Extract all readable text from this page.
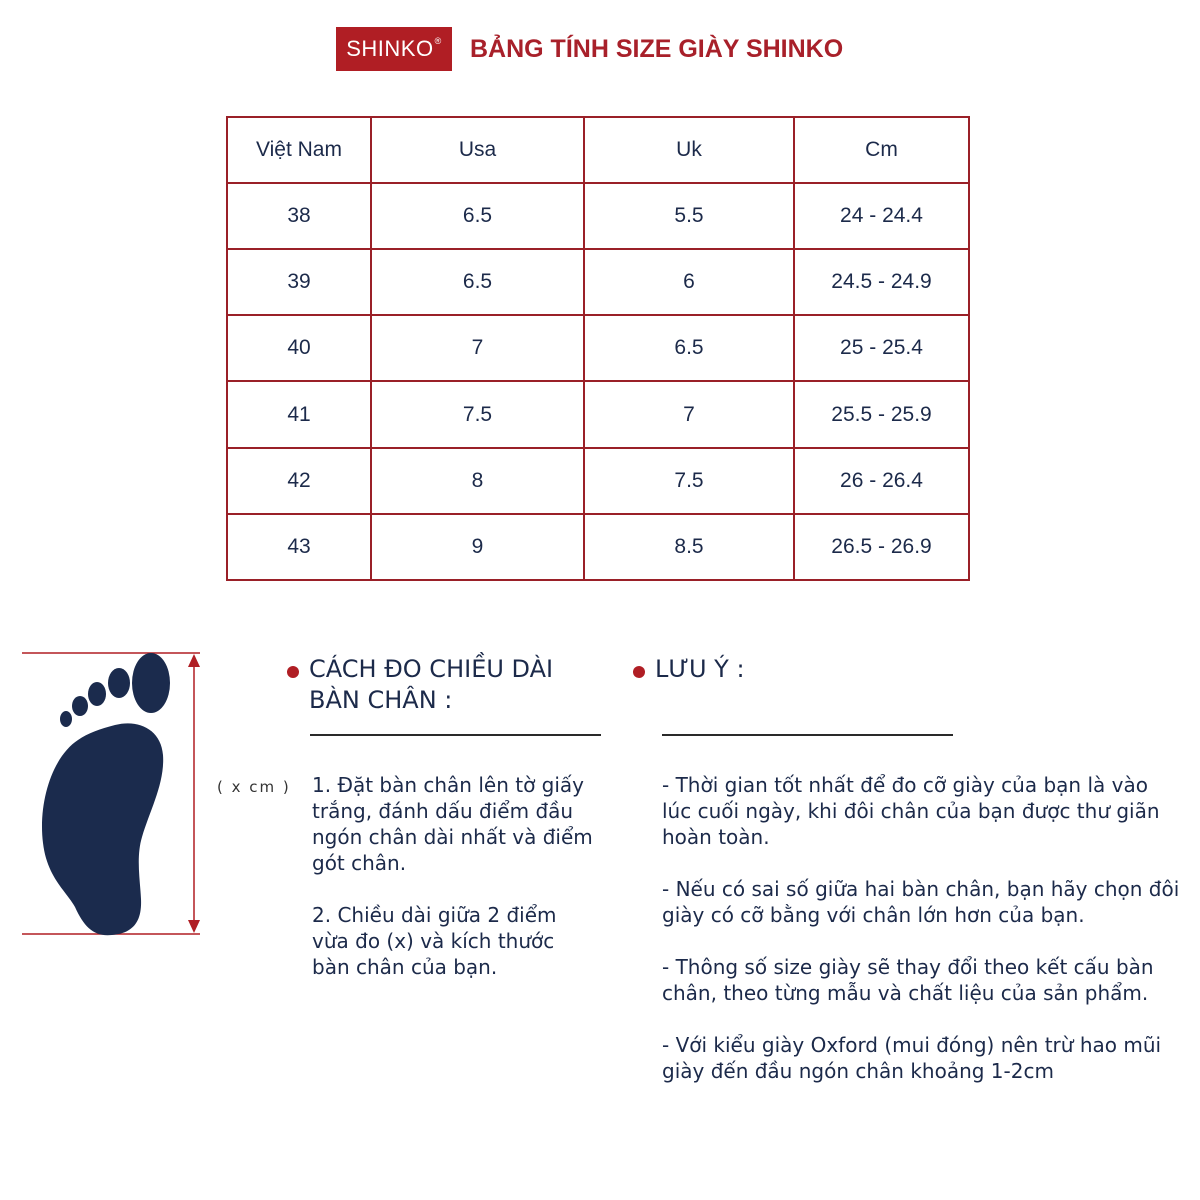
SHINKO ® BẢNG TÍNH SIZE GIÀY SHINKO
Việt Nam	Usa	Uk	Cm
38	6.5	5.5	24 - 24.4
39	6.5	6	24.5 - 24.9
40	7	6.5	25 - 25.4
41	7.5	7	25.5 - 25.9
42	8	7.5	26 - 26.4
43	9	8.5	26.5 - 26.9
( x cm )
CÁCH ĐO CHIỀU DÀI
BÀN CHÂN :

1. Đặt bàn chân lên tờ giấy trắng, đánh dấu điểm đầu ngón chân dài nhất và điểm gót chân.

2. Chiều dài giữa 2 điểm vừa đo (x) và kích thước bàn chân của bạn.

LƯU Ý :

- Thời gian tốt nhất để đo cỡ giày của bạn là vào lúc cuối ngày, khi đôi chân của bạn được thư giãn hoàn toàn.

- Nếu có sai số giữa hai bàn chân, bạn hãy chọn đôi giày có cỡ bằng với chân lớn hơn của bạn.

- Thông số size giày sẽ thay đổi theo kết cấu bàn chân, theo từng mẫu và chất liệu của sản phẩm.

- Với kiểu giày Oxford (mui đóng) nên trừ hao mũi giày đến đầu ngón chân khoảng 1-2cm
